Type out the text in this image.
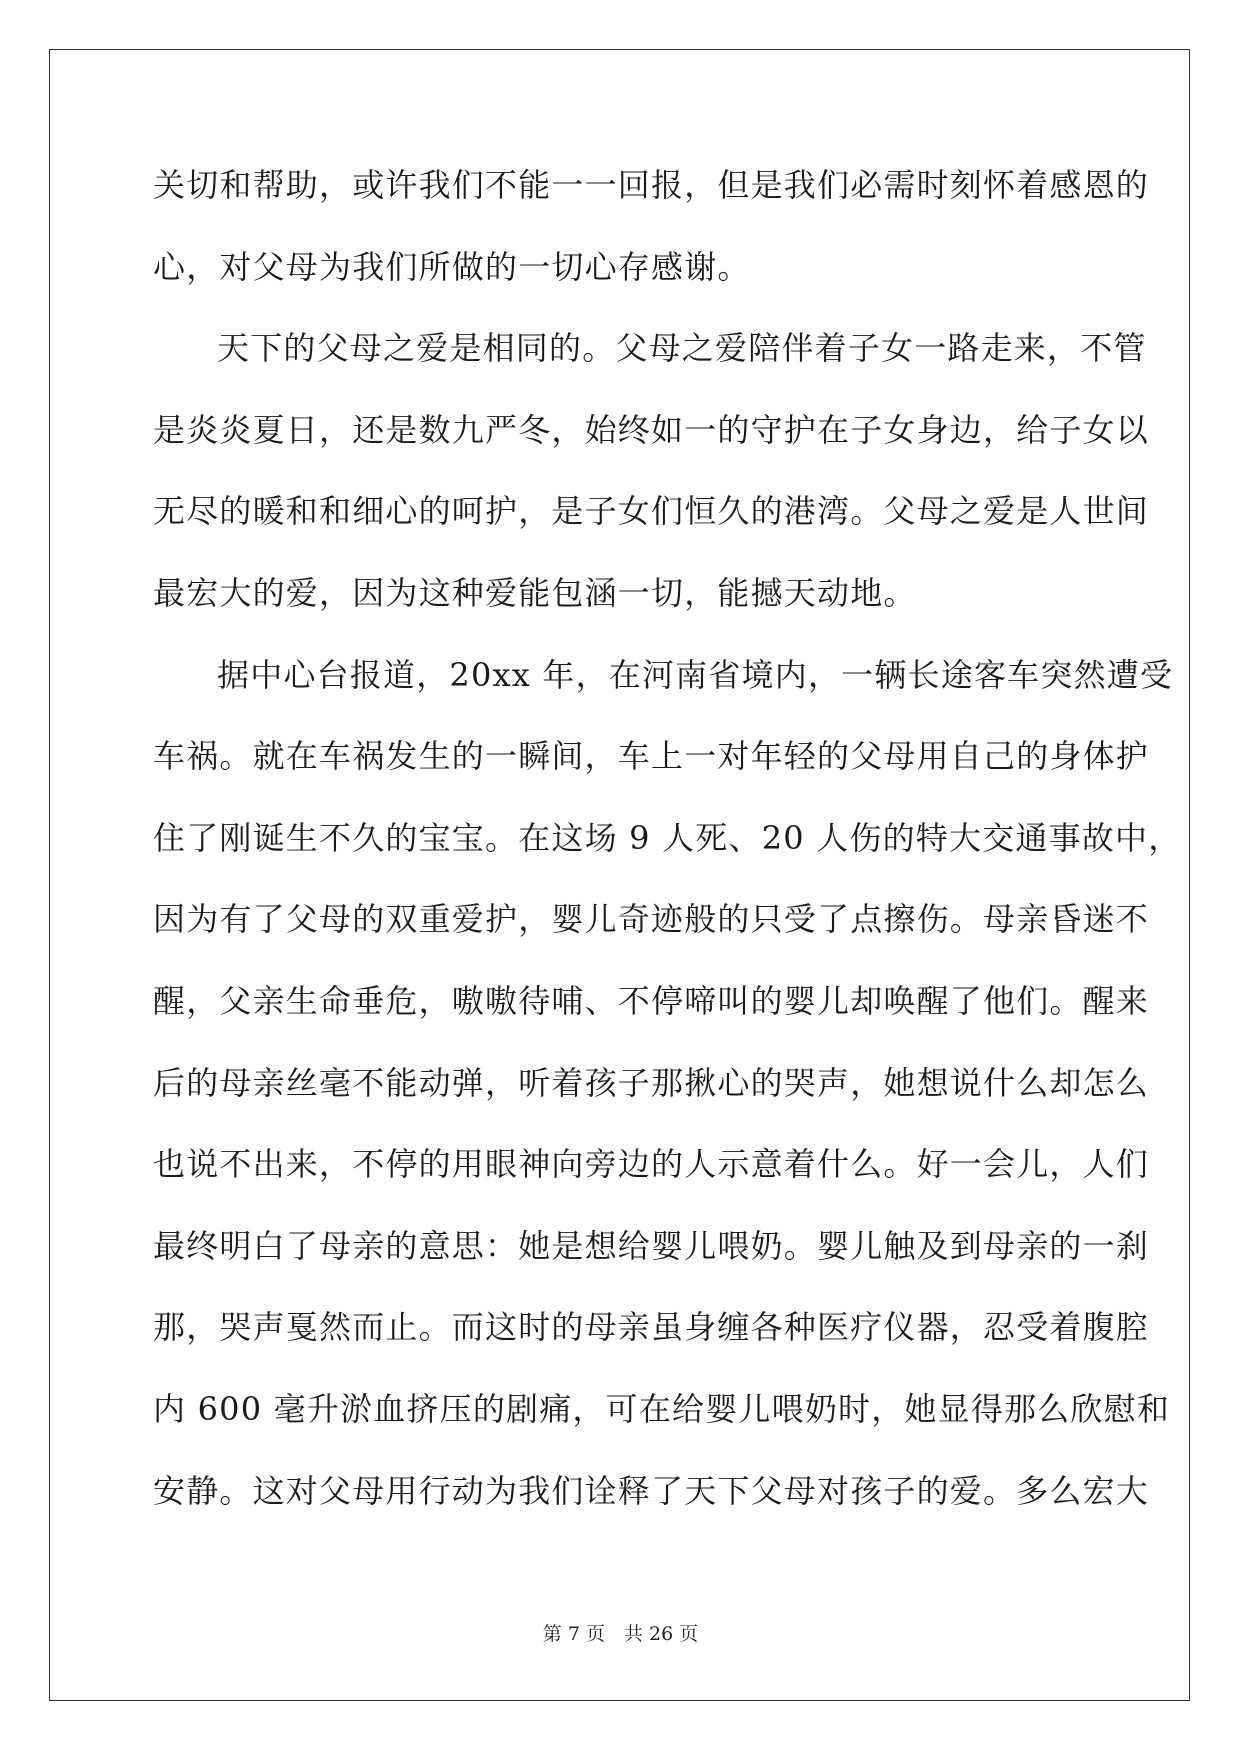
关切和帮助，或许我们不能一一回报，但是我们必需时刻怀着感恩的
心，对父母为我们所做的一切心存感谢。
天下的父母之爱是相同的。父母之爱陪伴着子女一路走来，不管
是炎炎夏日，还是数九严冬，始终如一的守护在子女身边，给子女以
无尽的暖和和细心的呵护，是子女们恒久的港湾。父母之爱是人世间
最宏大的爱，因为这种爱能包涵一切，能撼天动地。
据中心台报道，20xx 年，在河南省境内，一辆长途客车突然遭受
车祸。就在车祸发生的一瞬间，车上一对年轻的父母用自己的身体护
住了刚诞生不久的宝宝。在这场 9 人死、20 人伤的特大交通事故中，
因为有了父母的双重爱护，婴儿奇迹般的只受了点擦伤。母亲昏迷不
醒，父亲生命垂危，嗷嗷待哺、不停啼叫的婴儿却唤醒了他们。醒来
后的母亲丝毫不能动弹，听着孩子那揪心的哭声，她想说什么却怎么
也说不出来，不停的用眼神向旁边的人示意着什么。好一会儿，人们
最终明白了母亲的意思：她是想给婴儿喂奶。婴儿触及到母亲的一刹
那，哭声戛然而止。而这时的母亲虽身缠各种医疗仪器，忍受着腹腔
内 600 毫升淤血挤压的剧痛，可在给婴儿喂奶时，她显得那么欣慰和
安静。这对父母用行动为我们诠释了天下父母对孩子的爱。多么宏大
第 7 页　共 26 页
